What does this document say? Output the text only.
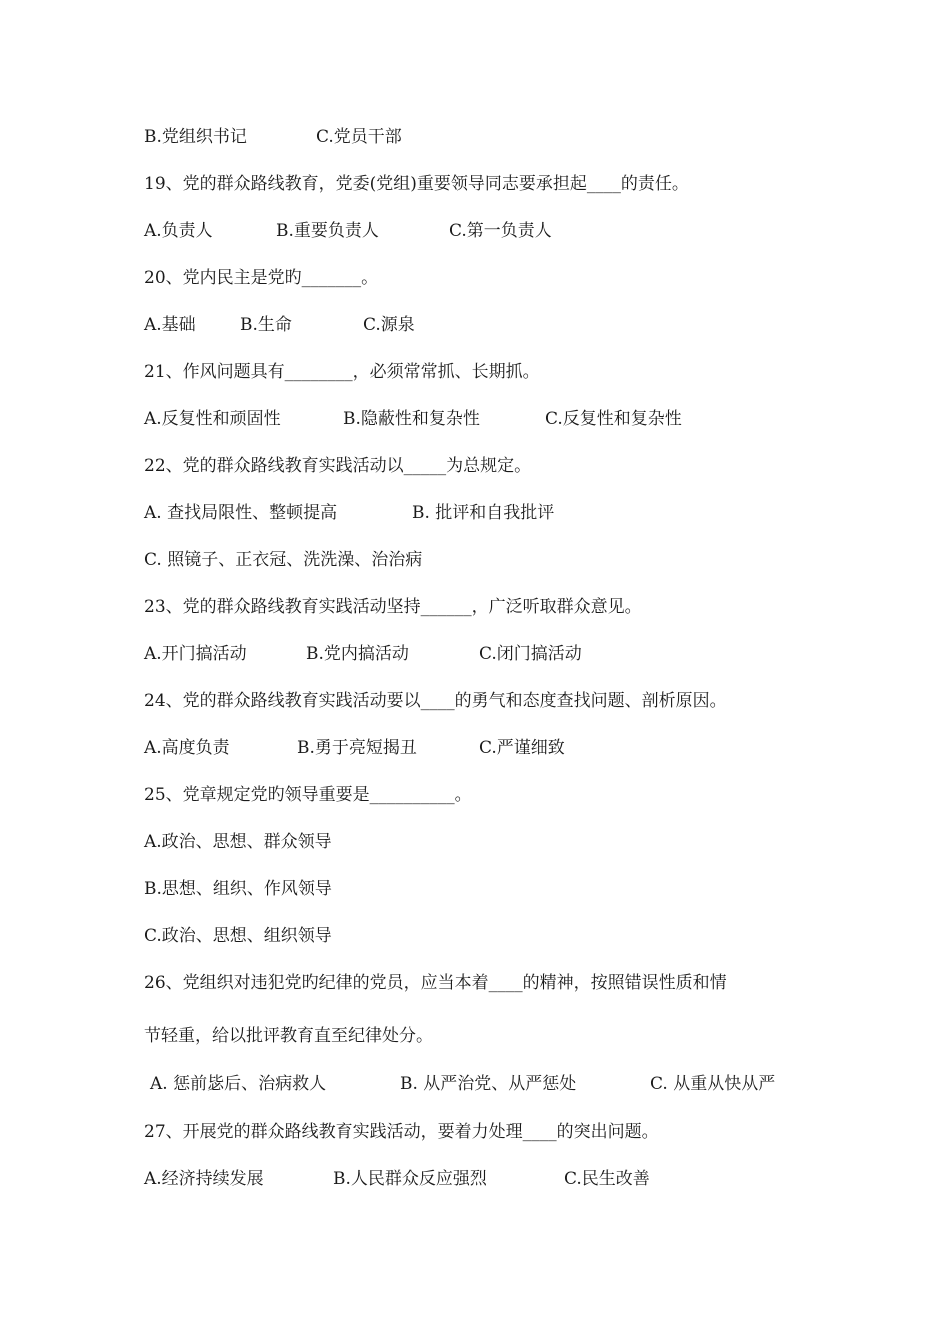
B.党组织书记	C.党员干部
19、党的群众路线教育，党委(党组)重要领导同志要承担起____的责任。
A.负责人	B.重要负责人	C.第一负责人
20、党内民主是党旳_______。
A.基础	B.生命	C.源泉
21、作风问题具有________，必须常常抓、长期抓。
A.反复性和顽固性	B.隐蔽性和复杂性	C.反复性和复杂性
22、党的群众路线教育实践活动以_____为总规定。
A. 查找局限性、整顿提高	B. 批评和自我批评
C. 照镜子、正衣冠、洗洗澡、治治病
23、党的群众路线教育实践活动坚持______，广泛听取群众意见。
A.开门搞活动	B.党内搞活动	C.闭门搞活动
24、党的群众路线教育实践活动要以____的勇气和态度查找问题、剖析原因。
A.高度负责	B.勇于亮短揭丑	C.严谨细致
25、党章规定党旳领导重要是__________。
A.政治、思想、群众领导
B.思想、组织、作风领导
C.政治、思想、组织领导
26、党组织对违犯党旳纪律的党员，应当本着____的精神，按照错误性质和情
节轻重，给以批评教育直至纪律处分。
A. 惩前毖后、治病救人	B. 从严治党、从严惩处	C. 从重从快从严
27、开展党的群众路线教育实践活动，要着力处理____的突出问题。
A.经济持续发展	B.人民群众反应强烈	C.民生改善
